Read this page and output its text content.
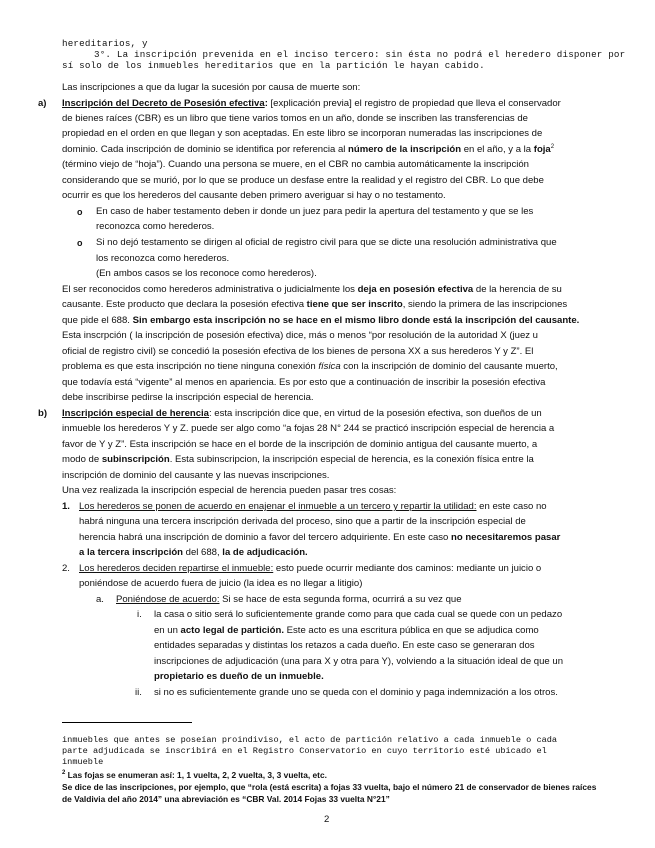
hereditarios, y
3°. La inscripción prevenida en el inciso tercero: sin ésta no podrá el heredero disponer por
sí solo de los inmuebles hereditarios que en la partición le hayan cabido.
Las inscripciones a que da lugar la sucesión por causa de muerte son:
a) Inscripción del Decreto de Posesión efectiva: [explicación previa] el registro de propiedad que lleva el conservador
de bienes raíces (CBR) es un libro que tiene varios tomos en un año, donde se inscriben las transferencias de
propiedad en el orden en que llegan y son aceptadas. En este libro se incorporan numeradas las inscripciones de
dominio. Cada inscripción de dominio se identifica por referencia al número de la inscripción en el año, y a la foja$^2$
(término viejo de “hoja”). Cuando una persona se muere, en el CBR no cambia automáticamente la inscripción
considerando que se murió, por lo que se produce un desfase entre la realidad y el registro del CBR. Lo que debe
ocurrir es que los herederos del causante deben primero averiguar si hay o no testamento.
o En caso de haber testamento deben ir donde un juez para pedir la apertura del testamento y que se les
reconozca como herederos.
o Si no dejó testamento se dirigen al oficial de registro civil para que se dicte una resolución administrativa que
los reconozca como herederos.
(En ambos casos se los reconoce como herederos).
El ser reconocidos como herederos administrativa o judicialmente los deja en posesión efectiva de la herencia de su
causante. Este producto que declara la posesión efectiva tiene que ser inscrito, siendo la primera de las inscripciones
que pide el 688. Sin embargo esta inscripción no se hace en el mismo libro donde está la inscripción del causante.
Esta inscrpción ( la inscripción de posesión efectiva) dice, más o menos “por resolución de la autoridad X (juez u
oficial de registro civil) se concedió la posesión efectiva de los bienes de persona XX a sus herederos Y y Z”. El
problema es que esta inscripción no tiene ninguna conexión física con la inscripción de dominio del causante muerto,
que todavía está “vigente” al menos en apariencia. Es por esto que a continuación de inscribir la posesión efectiva
debe inscribirse pedirse la inscripción especial de herencia.
b) Inscripción especial de herencia: esta inscripción dice que, en virtud de la posesión efectiva, son dueños de un
inmueble los herederos Y y Z. puede ser algo como “a fojas 28 N° 244 se practicó inscripción especial de herencia a
favor de Y y Z”. Esta inscripción se hace en el borde de la inscripción de dominio antigua del causante muerto, a
modo de subinscripción. Esta subinscripcion, la inscripción especial de herencia, es la conexión física entre la
inscripción de dominio del causante y las nuevas inscripciones.
Una vez realizada la inscripción especial de herencia pueden pasar tres cosas:
1. Los herederos se ponen de acuerdo en enajenar el inmueble a un tercero y repartir la utilidad: en este caso no
habrá ninguna una tercera inscripción derivada del proceso, sino que a partir de la inscripción especial de
herencia habrá una inscripción de dominio a favor del tercero adquiriente. En este caso no necesitaremos pasar
a la tercera inscripción del 688, la de adjudicación.
2. Los herederos deciden repartirse el inmueble: esto puede ocurrir mediante dos caminos: mediante un juicio o
poniéndose de acuerdo fuera de juicio (la idea es no llegar a litigio)
a. Poniéndose de acuerdo: Si se hace de esta segunda forma, ocurrirá a su vez que
i. la casa o sitio será lo suficientemente grande como para que cada cual se quede con un pedazo
en un acto legal de partición. Este acto es una escritura pública en que se adjudica como
entidades separadas y distintas los retazos a cada dueño. En este caso se generaran dos
inscripciones de adjudicación (una para X y otra para Y), volviendo a la situación ideal de que un
propietario es dueño de un inmueble.
ii. si no es suficientemente grande uno se queda con el dominio y paga indemnización a los otros.
inmuebles que antes se poseían proindiviso, el acto de partición relativo a cada inmueble o cada
parte adjudicada se inscribirá en el Registro Conservatorio en cuyo territorio esté ubicado el
inmueble
$^2$ Las fojas se enumeran así: 1, 1 vuelta, 2, 2 vuelta, 3, 3 vuelta, etc.
Se dice de las inscripciones, por ejemplo, que “rola (está escrita) a fojas 33 vuelta, bajo el número 21 de conservador de bienes raíces
de Valdivia del año 2014” una abreviación es “CBR Val. 2014 Fojas 33 vuelta N°21”
2
